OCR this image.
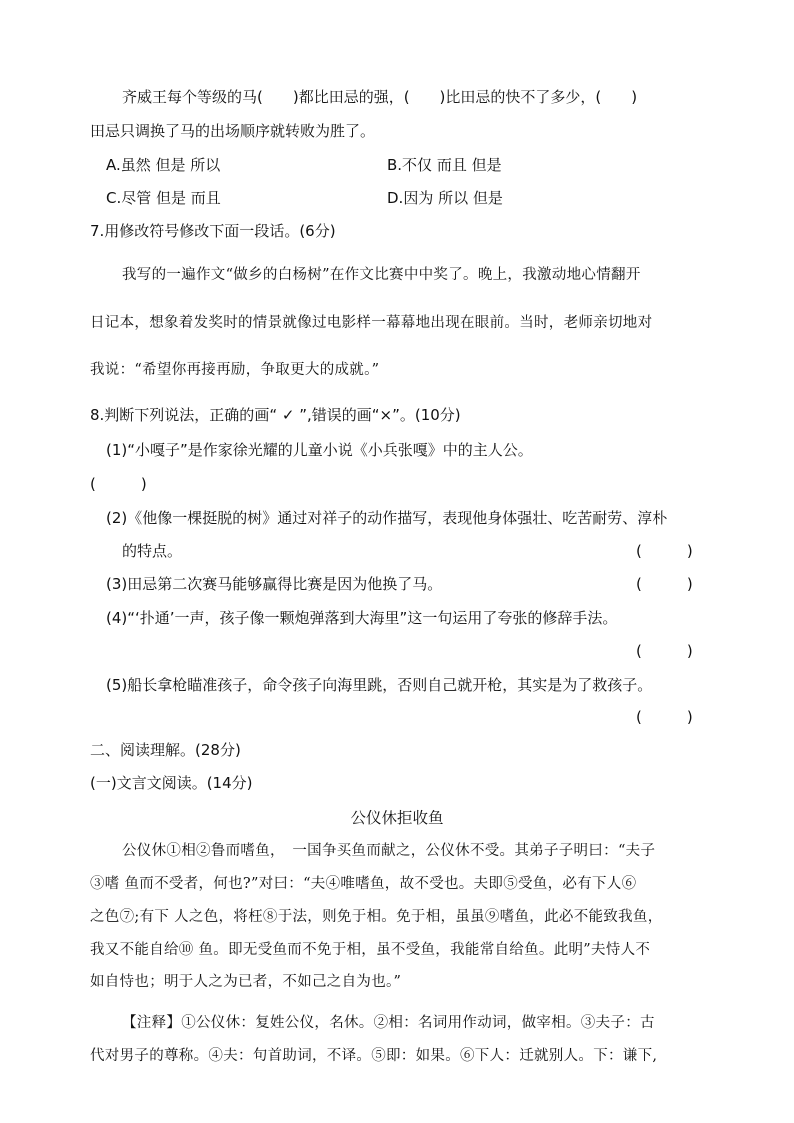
齐威王每个等级的马(　　)都比田忌的强，(　　)比田忌的快不了多少，(　　)
田忌只调换了马的出场顺序就转败为胜了。
A.虽然 但是 所以	B.不仅 而且 但是
C.尽管 但是 而且	D.因为 所以 但是
7.用修改符号修改下面一段话。(6分)
我写的一遍作文“做乡的白杨树”在作文比赛中中奖了。晚上，我激动地心情翻开
日记本，想象着发奖时的情景就像过电影样一幕幕地出现在眼前。当时，老师亲切地对
我说：“希望你再接再励，争取更大的成就。”
8.判断下列说法，正确的画“ ✓ ”,错误的画“×”。(10分)
(1)“小嘎子”是作家徐光耀的儿童小说《小兵张嘎》中的主人公。
(　　　)
(2)《他像一棵挺脱的树》通过对祥子的动作描写，表现他身体强壮、吃苦耐劳、淳朴
的特点。	(　　　)
(3)田忌第二次赛马能够赢得比赛是因为他换了马。	(　　　)
(4)“‘扑通’一声，孩子像一颗炮弹落到大海里”这一句运用了夸张的修辞手法。
(　　　)
(5)船长拿枪瞄准孩子，命令孩子向海里跳，否则自己就开枪，其实是为了救孩子。
(　　　)
二、阅读理解。(28分)
(一)文言文阅读。(14分)
公仪休拒收鱼
公仪休①相②鲁而嗜鱼，　一国争买鱼而献之，公仪休不受。其弟子子明曰：“夫子
③嗜 鱼而不受者，何也?”对曰：“夫④唯嗜鱼，故不受也。夫即⑤受鱼，必有下人⑥
之色⑦;有下 人之色，将枉⑧于法，则免于相。免于相，虽虽⑨嗜鱼，此必不能致我鱼，
我又不能自给⑩ 鱼。即无受鱼而不免于相，虽不受鱼，我能常自给鱼。此明”夫恃人不
如自恃也；明于人之为已者，不如己之自为也。”
【注释】①公仪休：复姓公仪，名休。②相：名词用作动词，做宰相。③夫子：古
代对男子的尊称。④夫：句首助词，不译。⑤即：如果。⑥下人：迁就别人。下：谦下,
